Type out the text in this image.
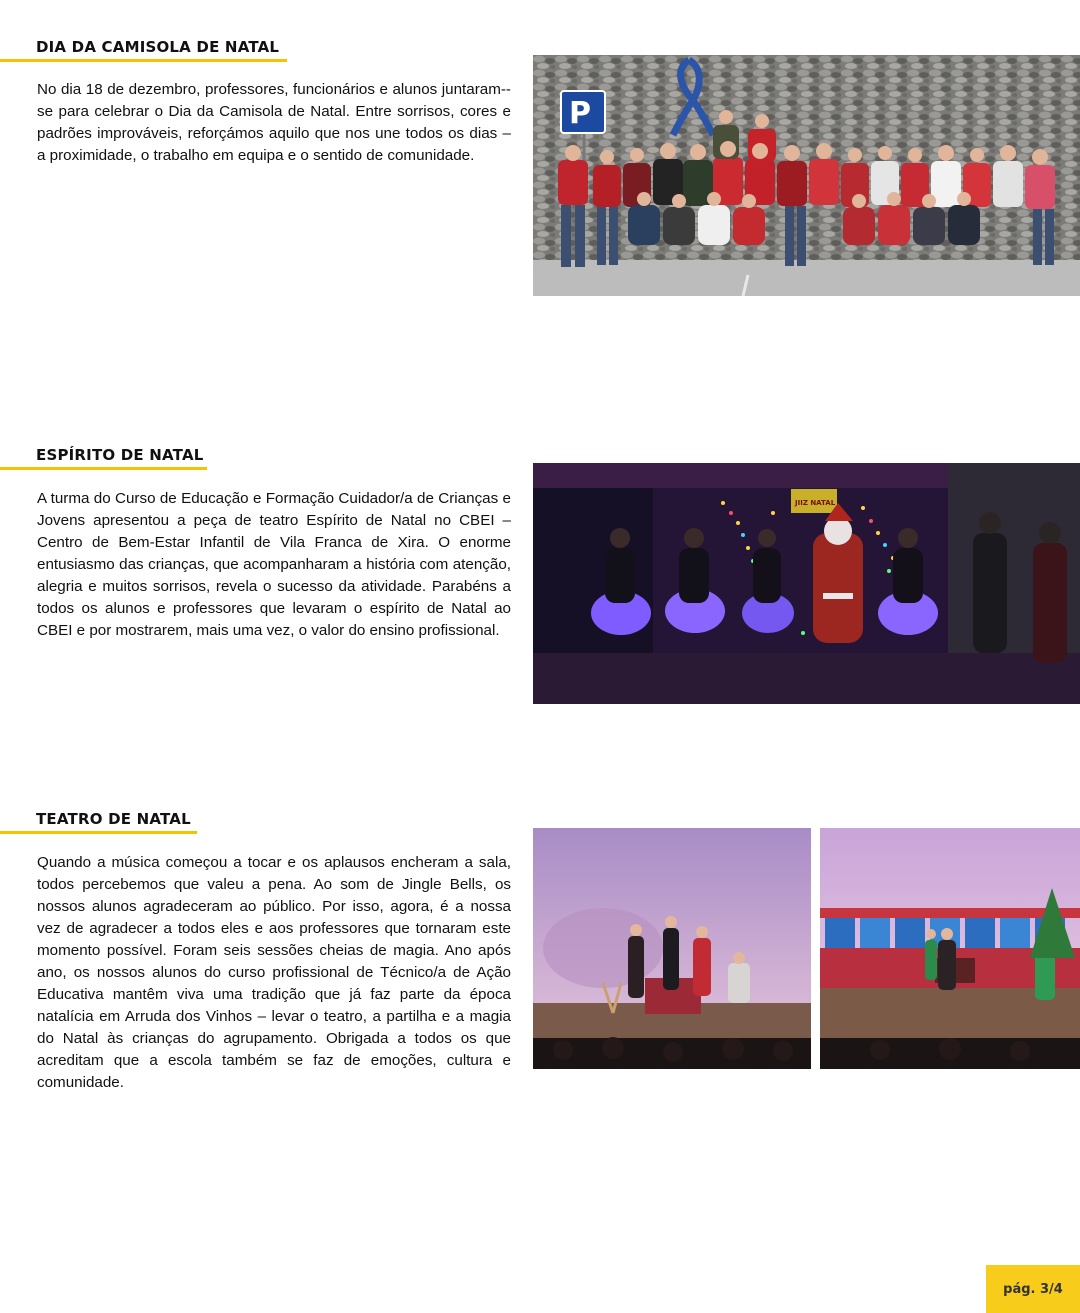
DIA DA CAMISOLA DE NATAL

No dia 18 de dezembro, professores, funcionários e alunos juntaram--se para celebrar o Dia da Camisola de Natal. Entre sorrisos, cores e padrões improváveis, reforçámos aquilo que nos une todos os dias – a proximidade, o trabalho em equipa e o sentido de comunidade.

P
ESPÍRITO DE NATAL

A turma do Curso de Educação e Formação Cuidador/a de Crianças e Jovens apresentou a peça de teatro Espírito de Natal no CBEI – Centro de Bem-Estar Infantil de Vila Franca de Xira. O enorme entusiasmo das crianças, que acompanharam a história com atenção, alegria e muitos sorrisos, revela o sucesso da atividade. Parabéns a todos os alunos e professores que levaram o espírito de Natal ao CBEI e por mostrarem, mais uma vez, o valor do ensino profissional.

JIIZ NATAL
TEATRO DE NATAL

Quando a música começou a tocar e os aplausos encheram a sala, todos percebemos que valeu a pena. Ao som de Jingle Bells, os nossos alunos agradeceram ao público. Por isso, agora, é a nossa vez de agradecer a todos eles e aos professores que tornaram este momento possível. Foram seis sessões cheias de magia. Ano após ano, os nossos alunos do curso profissional de Técnico/a de Ação Educativa mantêm viva uma tradição que já faz parte da época natalícia em Arruda dos Vinhos – levar o teatro, a partilha e a magia do Natal às crianças do agrupamento. Obrigada a todos os que acreditam que a escola também se faz de emoções, cultura e comunidade.

pág. 3/4
